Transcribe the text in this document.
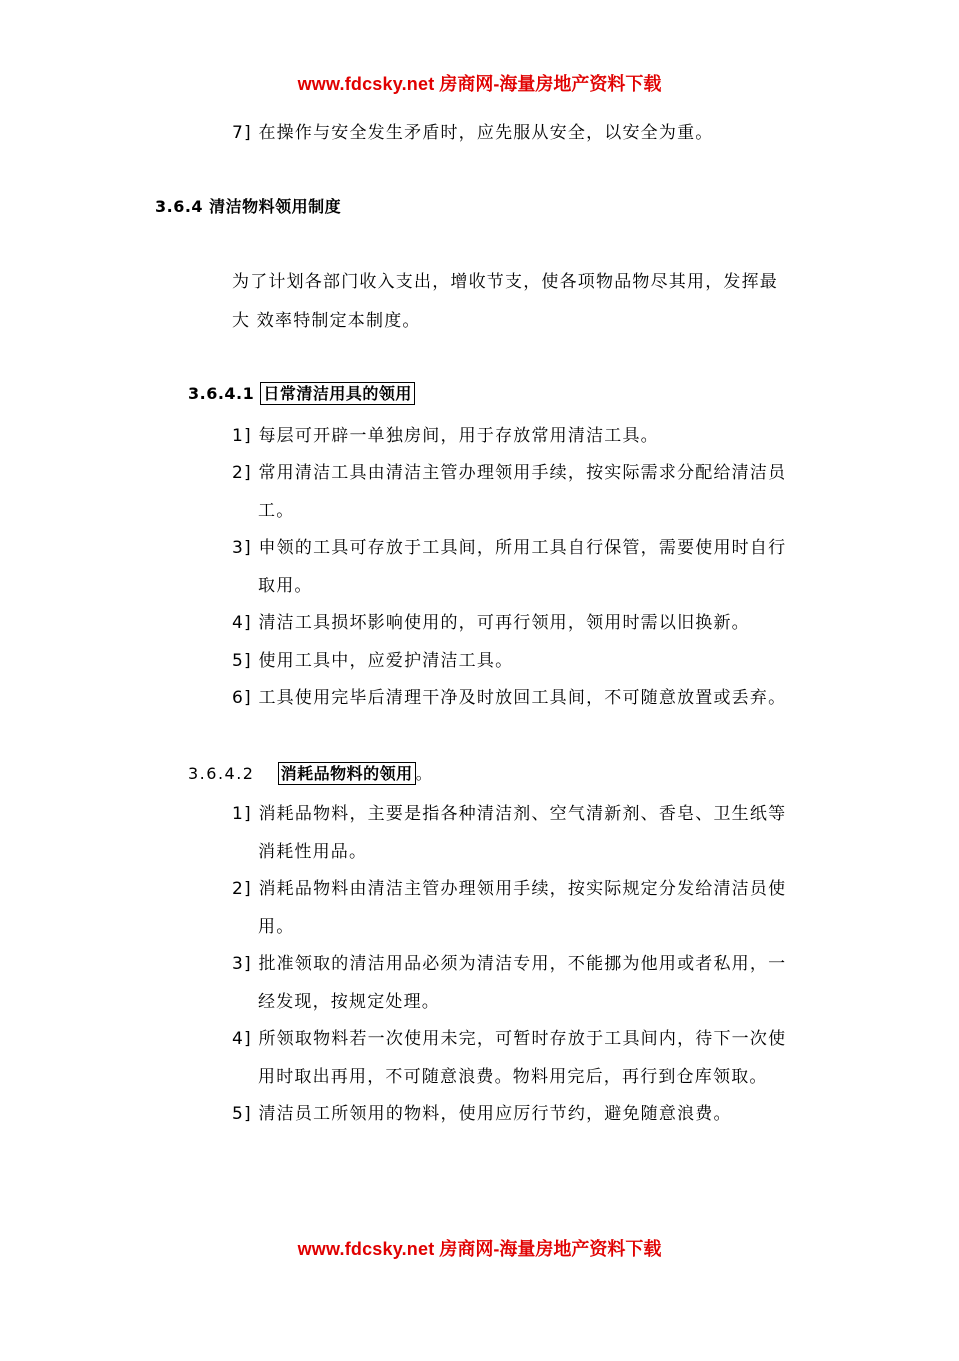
www.fdcsky.net 房商网-海量房地产资料下载
7] 在操作与安全发生矛盾时，应先服从安全，以安全为重。
3.6.4 清洁物料领用制度
为了计划各部门收入支出，增收节支，使各项物品物尽其用，发挥最
大 效率特制定本制度。
3.6.4.1 日常清洁用具的领用
1] 每层可开辟一单独房间，用于存放常用清洁工具。
2] 常用清洁工具由清洁主管办理领用手续，按实际需求分配给清洁员
工。
3] 申领的工具可存放于工具间，所用工具自行保管，需要使用时自行
取用。
4] 清洁工具损坏影响使用的，可再行领用，领用时需以旧换新。
5] 使用工具中，应爱护清洁工具。
6] 工具使用完毕后清理干净及时放回工具间，不可随意放置或丢弃。
3.6.4.2 消耗品物料的领用 。
1] 消耗品物料，主要是指各种清洁剂、空气清新剂、香皂、卫生纸等
消耗性用品。
2] 消耗品物料由清洁主管办理领用手续，按实际规定分发给清洁员使
用。
3] 批准领取的清洁用品必须为清洁专用，不能挪为他用或者私用，一
经发现，按规定处理。
4] 所领取物料若一次使用未完，可暂时存放于工具间内，待下一次使
用时取出再用，不可随意浪费。物料用完后，再行到仓库领取。
5] 清洁员工所领用的物料，使用应厉行节约，避免随意浪费。
www.fdcsky.net 房商网-海量房地产资料下载
